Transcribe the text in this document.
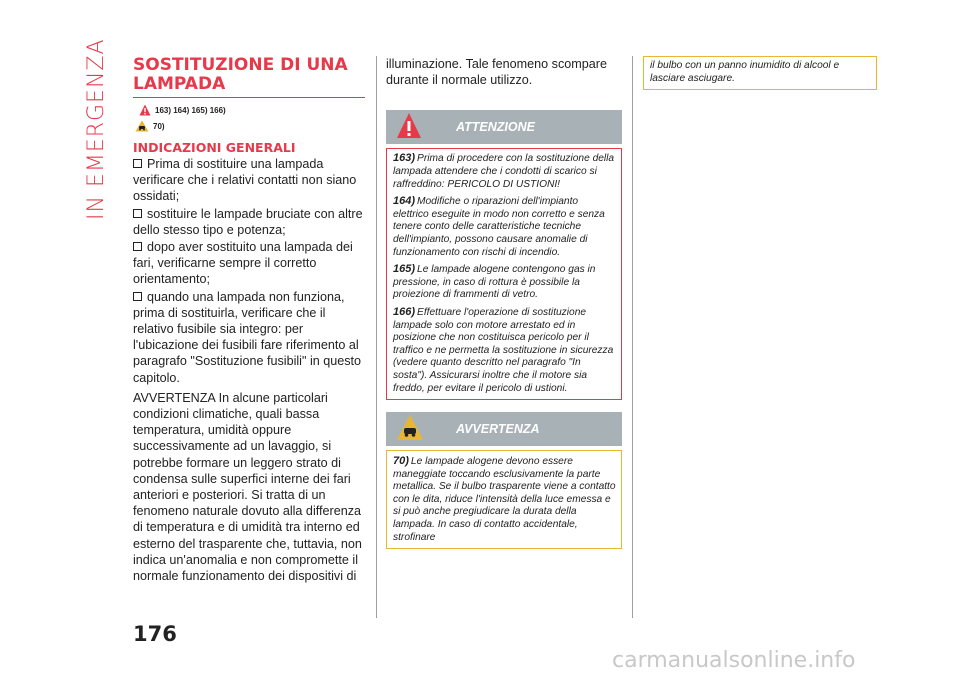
IN EMERGENZA SOSTITUZIONE DI UNA LAMPADA
163) 164) 165) 166)
70)
INDICAZIONI GENERALI
Prima di sostituire una lampada verificare che i relativi contatti non siano ossidati;
sostituire le lampade bruciate con altre dello stesso tipo e potenza;
dopo aver sostituito una lampada dei fari, verificarne sempre il corretto orientamento;
quando una lampada non funziona, prima di sostituirla, verificare che il relativo fusibile sia integro: per l'ubicazione dei fusibili fare riferimento al paragrafo "Sostituzione fusibili" in questo capitolo.
AVVERTENZA In alcune particolari condizioni climatiche, quali bassa temperatura, umidità oppure successivamente ad un lavaggio, si potrebbe formare un leggero strato di condensa sulle superfici interne dei fari anteriori e posteriori. Si tratta di un fenomeno naturale dovuto alla differenza di temperatura e di umidità tra interno ed esterno del trasparente che, tuttavia, non indica un'anomalia e non compromette il normale funzionamento dei dispositivi di
illuminazione. Tale fenomeno scompare durante il normale utilizzo.
ATTENZIONE
163) Prima di procedere con la sostituzione della lampada attendere che i condotti di scarico si raffreddino: PERICOLO DI USTIONI!
164) Modifiche o riparazioni dell'impianto elettrico eseguite in modo non corretto e senza tenere conto delle caratteristiche tecniche dell'impianto, possono causare anomalie di funzionamento con rischi di incendio.
165) Le lampade alogene contengono gas in pressione, in caso di rottura è possibile la proiezione di frammenti di vetro.
166) Effettuare l'operazione di sostituzione lampade solo con motore arrestato ed in posizione che non costituisca pericolo per il traffico e ne permetta la sostituzione in sicurezza (vedere quanto descritto nel paragrafo "In sosta"). Assicurarsi inoltre che il motore sia freddo, per evitare il pericolo di ustioni.
AVVERTENZA
70) Le lampade alogene devono essere maneggiate toccando esclusivamente la parte metallica. Se il bulbo trasparente viene a contatto con le dita, riduce l'intensità della luce emessa e si può anche pregiudicare la durata della lampada. In caso di contatto accidentale, strofinare
il bulbo con un panno inumidito di alcool e lasciare asciugare.
176
carmanualsonline.info
